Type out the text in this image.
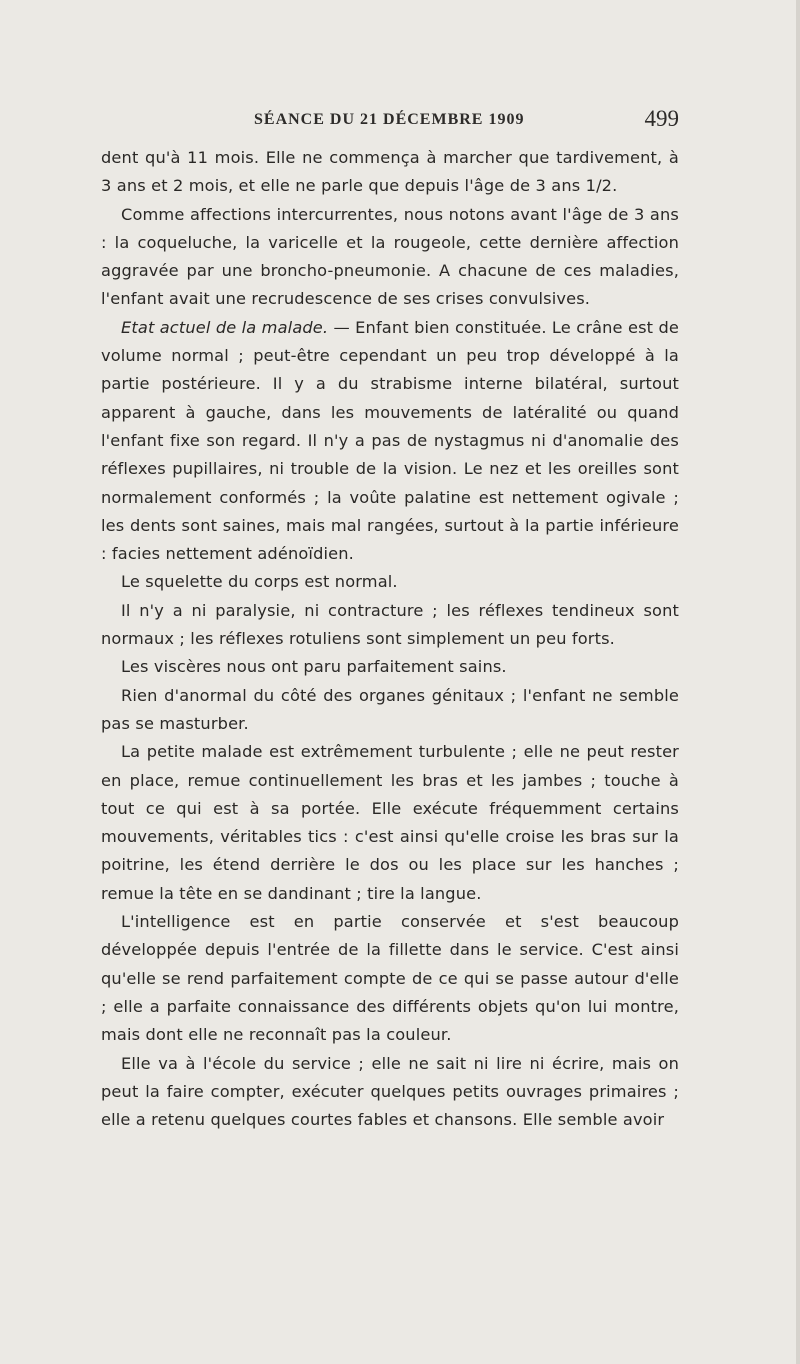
SÉANCE DU 21 DÉCEMBRE 1909	499

dent qu'à 11 mois. Elle ne commença à marcher que tardivement, à 3 ans et 2 mois, et elle ne parle que depuis l'âge de 3 ans 1/2.

Comme affections intercurrentes, nous notons avant l'âge de 3 ans : la coqueluche, la varicelle et la rougeole, cette dernière affection aggravée par une broncho-pneumonie. A chacune de ces maladies, l'enfant avait une recrudescence de ses crises convulsives.

Etat actuel de la malade. — Enfant bien constituée. Le crâne est de volume normal ; peut-être cependant un peu trop développé à la partie postérieure. Il y a du strabisme interne bilatéral, surtout apparent à gauche, dans les mouvements de latéralité ou quand l'enfant fixe son regard. Il n'y a pas de nystagmus ni d'anomalie des réflexes pupillaires, ni trouble de la vision. Le nez et les oreilles sont normalement conformés ; la voûte palatine est nettement ogivale ; les dents sont saines, mais mal rangées, surtout à la partie inférieure : facies nettement adénoïdien.

Le squelette du corps est normal.

Il n'y a ni paralysie, ni contracture ; les réflexes tendineux sont normaux ; les réflexes rotuliens sont simplement un peu forts.

Les viscères nous ont paru parfaitement sains.

Rien d'anormal du côté des organes génitaux ; l'enfant ne semble pas se masturber.

La petite malade est extrêmement turbulente ; elle ne peut rester en place, remue continuellement les bras et les jambes ; touche à tout ce qui est à sa portée. Elle exécute fréquemment certains mouvements, véritables tics : c'est ainsi qu'elle croise les bras sur la poitrine, les étend derrière le dos ou les place sur les hanches ; remue la tête en se dandinant ; tire la langue.

L'intelligence est en partie conservée et s'est beaucoup développée depuis l'entrée de la fillette dans le service. C'est ainsi qu'elle se rend parfaitement compte de ce qui se passe autour d'elle ; elle a parfaite connaissance des différents objets qu'on lui montre, mais dont elle ne reconnaît pas la couleur.

Elle va à l'école du service ; elle ne sait ni lire ni écrire, mais on peut la faire compter, exécuter quelques petits ouvrages primaires ; elle a retenu quelques courtes fables et chansons. Elle semble avoir
